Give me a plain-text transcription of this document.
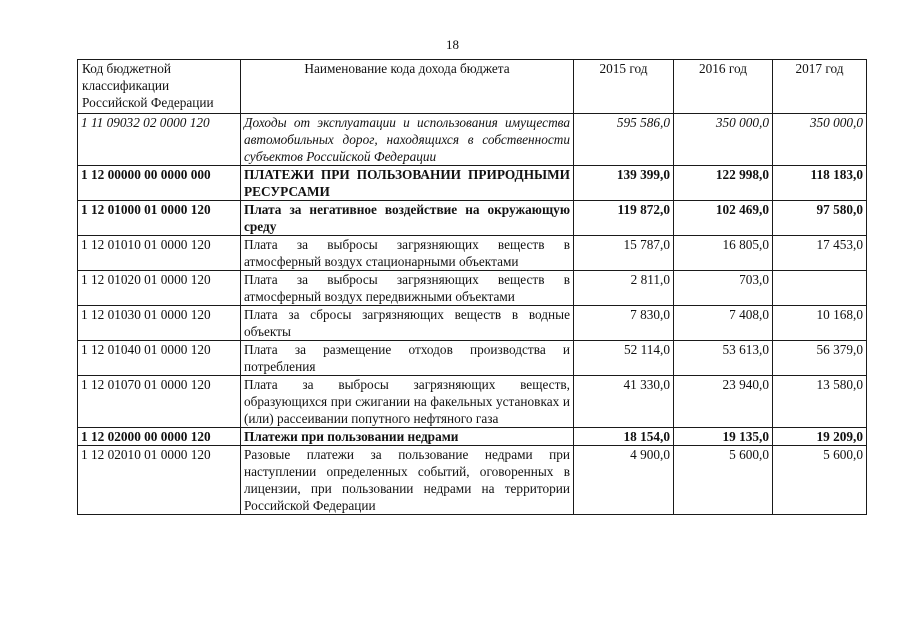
18
Код бюджетной классификации Российской Федерации	Наименование кода дохода бюджета	2015 год	2016 год	2017 год
1 11 09032 02 0000 120	Доходы от эксплуатации и использования имущества автомобильных дорог, находящихся в собственности субъектов Российской Федерации	595 586,0	350 000,0	350 000,0
1 12 00000 00 0000 000	ПЛАТЕЖИ ПРИ ПОЛЬЗОВАНИИ ПРИРОДНЫМИ РЕСУРСАМИ	139 399,0	122 998,0	118 183,0
1 12 01000 01 0000 120	Плата за негативное воздействие на окружающую среду	119 872,0	102 469,0	97 580,0
1 12 01010 01 0000 120	Плата за выбросы загрязняющих веществ в атмосферный воздух стационарными объектами	15 787,0	16 805,0	17 453,0
1 12 01020 01 0000 120	Плата за выбросы загрязняющих веществ в атмосферный воздух передвижными объектами	2 811,0	703,0	
1 12 01030 01 0000 120	Плата за сбросы загрязняющих веществ в водные объекты	7 830,0	7 408,0	10 168,0
1 12 01040 01 0000 120	Плата за размещение отходов производства и потребления	52 114,0	53 613,0	56 379,0
1 12 01070 01 0000 120	Плата за выбросы загрязняющих веществ, образующихся при сжигании на факельных установках и (или) рассеивании попутного нефтяного газа	41 330,0	23 940,0	13 580,0
1 12 02000 00 0000 120	Платежи при пользовании недрами	18 154,0	19 135,0	19 209,0
1 12 02010 01 0000 120	Разовые платежи за пользование недрами при наступлении определенных событий, оговоренных в лицензии, при пользовании недрами на территории Российской Федерации	4 900,0	5 600,0	5 600,0
